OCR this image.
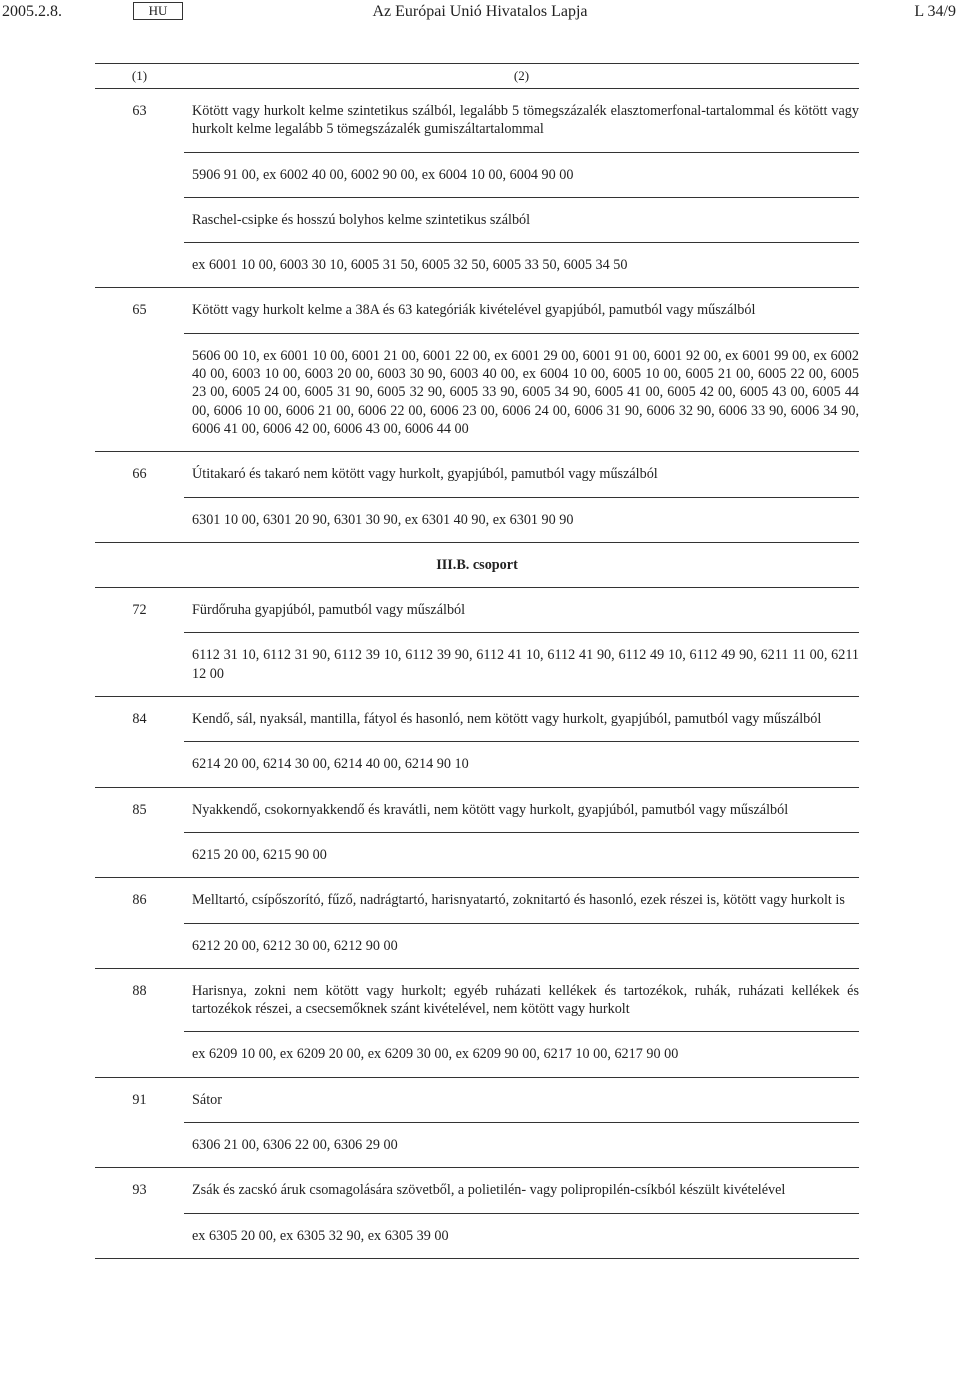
2005.2.8.	HU	Az Európai Unió Hivatalos Lapja	L 34/9
(1)	(2)
63	Kötött vagy hurkolt kelme szintetikus szálból, legalább 5 tömegszázalék elasztomerfonal-tartalommal és kötött vagy hurkolt kelme legalább 5 tömegszázalék gumiszáltartalommal
5906 91 00, ex 6002 40 00, 6002 90 00, ex 6004 10 00, 6004 90 00
Raschel-csipke és hosszú bolyhos kelme szintetikus szálból
ex 6001 10 00, 6003 30 10, 6005 31 50, 6005 32 50, 6005 33 50, 6005 34 50
65	Kötött vagy hurkolt kelme a 38A és 63 kategóriák kivételével gyapjúból, pamutból vagy műszálból
5606 00 10, ex 6001 10 00, 6001 21 00, 6001 22 00, ex 6001 29 00, 6001 91 00, 6001 92 00, ex 6001 99 00, ex 6002 40 00, 6003 10 00, 6003 20 00, 6003 30 90, 6003 40 00, ex 6004 10 00, 6005 10 00, 6005 21 00, 6005 22 00, 6005 23 00, 6005 24 00, 6005 31 90, 6005 32 90, 6005 33 90, 6005 34 90, 6005 41 00, 6005 42 00, 6005 43 00, 6005 44 00, 6006 10 00, 6006 21 00, 6006 22 00, 6006 23 00, 6006 24 00, 6006 31 90, 6006 32 90, 6006 33 90, 6006 34 90, 6006 41 00, 6006 42 00, 6006 43 00, 6006 44 00
66	Útitakaró és takaró nem kötött vagy hurkolt, gyapjúból, pamutból vagy műszálból
6301 10 00, 6301 20 90, 6301 30 90, ex 6301 40 90, ex 6301 90 90
III.B. csoport
72	Fürdőruha gyapjúból, pamutból vagy műszálból
6112 31 10, 6112 31 90, 6112 39 10, 6112 39 90, 6112 41 10, 6112 41 90, 6112 49 10, 6112 49 90, 6211 11 00, 6211 12 00
84	Kendő, sál, nyaksál, mantilla, fátyol és hasonló, nem kötött vagy hurkolt, gyapjúból, pamutból vagy műszálból
6214 20 00, 6214 30 00, 6214 40 00, 6214 90 10
85	Nyakkendő, csokornyakkendő és kravátli, nem kötött vagy hurkolt, gyapjúból, pamutból vagy műszálból
6215 20 00, 6215 90 00
86	Melltartó, csípőszorító, fűző, nadrágtartó, harisnyatartó, zoknitartó és hasonló, ezek részei is, kötött vagy hurkolt is
6212 20 00, 6212 30 00, 6212 90 00
88	Harisnya, zokni nem kötött vagy hurkolt; egyéb ruházati kellékek és tartozékok, ruhák, ruházati kellékek és tartozékok részei, a csecsemőknek szánt kivételével, nem kötött vagy hurkolt
ex 6209 10 00, ex 6209 20 00, ex 6209 30 00, ex 6209 90 00, 6217 10 00, 6217 90 00
91	Sátor
6306 21 00, 6306 22 00, 6306 29 00
93	Zsák és zacskó áruk csomagolására szövetből, a polietilén- vagy polipropilén-csíkból készült kivételével
ex 6305 20 00, ex 6305 32 90, ex 6305 39 00
